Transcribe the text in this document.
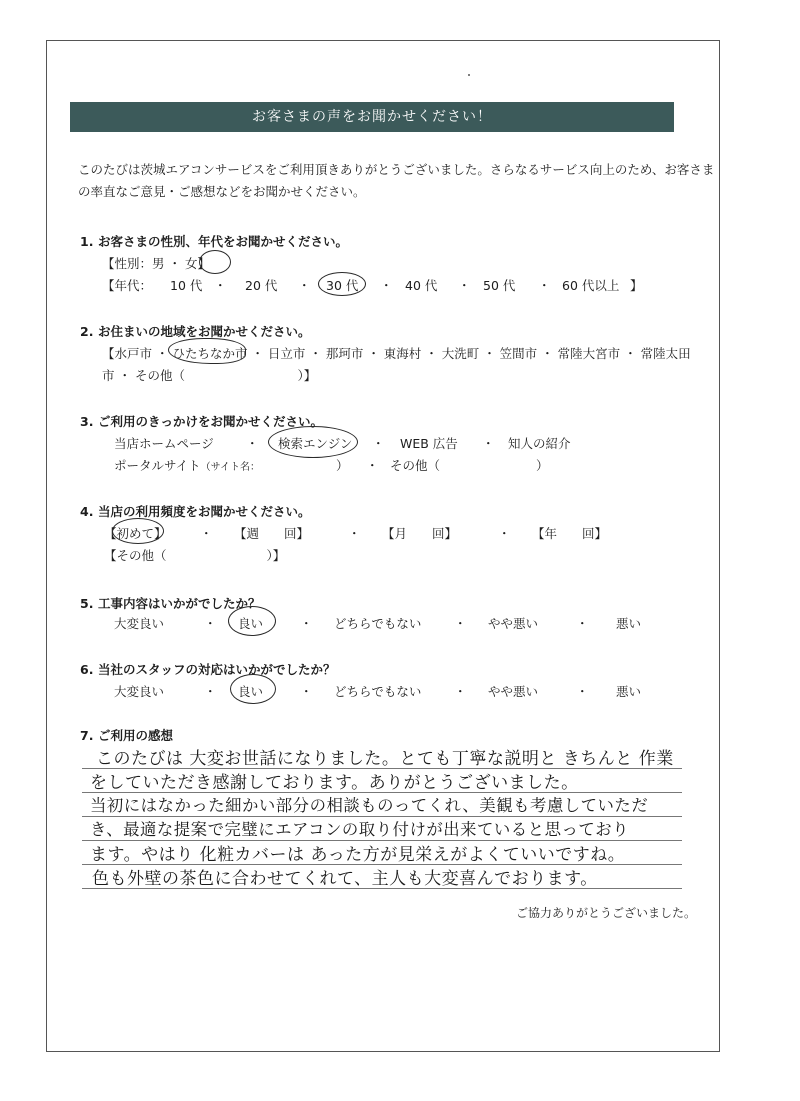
お客さまの声をお聞かせください！
このたびは茨城エアコンサービスをご利用頂きありがとうございました。さらなるサービス向上のため、お客さま
の率直なご意見・ご感想などをお聞かせください。
1. お客さまの性別、年代をお聞かせください。
【性別：男 ・ 女】
【年代： 10 代 ・ 20 代 ・ 30 代 ・ 40 代 ・ 50 代 ・ 60 代以上 】
2. お住まいの地域をお聞かせください。
【水戸市 ・ ひたちなか市 ・ 日立市 ・ 那珂市 ・ 東海村 ・ 大洗町 ・ 笠間市 ・ 常陸大宮市 ・ 常陸太田
市 ・ その他（　　　　　　　　　）】
3. ご利用のきっかけをお聞かせください。
当店ホームページ	・ 検索エンジン ・ WEB 広告 ・ 知人の紹介
ポータルサイト（サイト名：	） ・ その他（	）
4. 当店の利用頻度をお聞かせください。
【初めて】	・ 【週　　回】	・ 【月　　回】	・ 【年　　回】
【その他（　　　　　　　　）】
5. 工事内容はいかがでしたか？
大変良い	・ 良い	・ どちらでもない	・ やや悪い	・ 悪い
6. 当社のスタッフの対応はいかがでしたか？
大変良い	・ 良い	・ どちらでもない	・ やや悪い	・ 悪い
7. ご利用の感想
このたびは 大変お世話になりました。とても丁寧な説明と きちんと 作業
をしていただき感謝しております。ありがとうございました。
当初にはなかった細かい部分の相談ものってくれ、美観も考慮していただ
き、最適な提案で完璧にエアコンの取り付けが出来ていると思っており
ます。やはり 化粧カバーは あった方が見栄えがよくていいですね。
色も外壁の茶色に合わせてくれて、主人も大変喜んでおります。
ご協力ありがとうございました。
